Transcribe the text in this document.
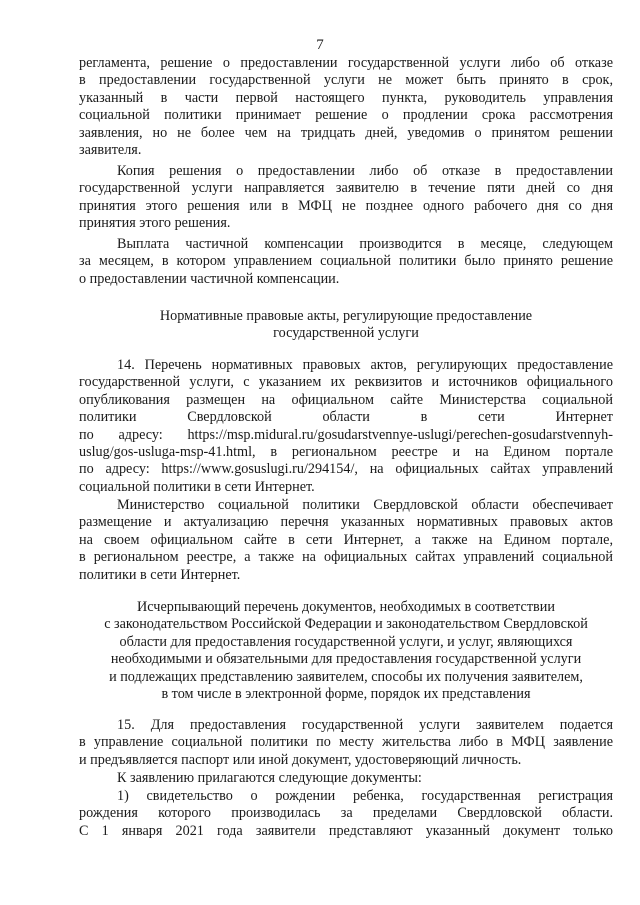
7
регламента, решение о предоставлении государственной услуги либо об отказе
в предоставлении государственной услуги не может быть принято в срок,
указанный в части первой настоящего пункта, руководитель управления
социальной политики принимает решение о продлении срока рассмотрения
заявления, но не более чем на тридцать дней, уведомив о принятом решении
заявителя.
Копия решения о предоставлении либо об отказе в предоставлении
государственной услуги направляется заявителю в течение пяти дней со дня
принятия этого решения или в МФЦ не позднее одного рабочего дня со дня
принятия этого решения.
Выплата частичной компенсации производится в месяце, следующем
за месяцем, в котором управлением социальной политики было принято решение
о предоставлении частичной компенсации.
Нормативные правовые акты, регулирующие предоставление
государственной услуги
14. Перечень нормативных правовых актов, регулирующих предоставление
государственной услуги, с указанием их реквизитов и источников официального
опубликования размещен на официальном сайте Министерства социальной
политики Свердловской области в сети Интернет
по адресу: https://msp.midural.ru/gosudarstvennye-uslugi/perechen-gosudarstvennyh-
uslug/gos-usluga-msp-41.html, в региональном реестре и на Едином портале
по адресу: https://www.gosuslugi.ru/294154/, на официальных сайтах управлений
социальной политики в сети Интернет.
Министерство социальной политики Свердловской области обеспечивает
размещение и актуализацию перечня указанных нормативных правовых актов
на своем официальном сайте в сети Интернет, а также на Едином портале,
в региональном реестре, а также на официальных сайтах управлений социальной
политики в сети Интернет.
Исчерпывающий перечень документов, необходимых в соответствии
с законодательством Российской Федерации и законодательством Свердловской
области для предоставления государственной услуги, и услуг, являющихся
необходимыми и обязательными для предоставления государственной услуги
и подлежащих представлению заявителем, способы их получения заявителем,
в том числе в электронной форме, порядок их представления
15. Для предоставления государственной услуги заявителем подается
в управление социальной политики по месту жительства либо в МФЦ заявление
и предъявляется паспорт или иной документ, удостоверяющий личность.
К заявлению прилагаются следующие документы:
1) свидетельство о рождении ребенка, государственная регистрация
рождения которого производилась за пределами Свердловской области.
С 1 января 2021 года заявители представляют указанный документ только
